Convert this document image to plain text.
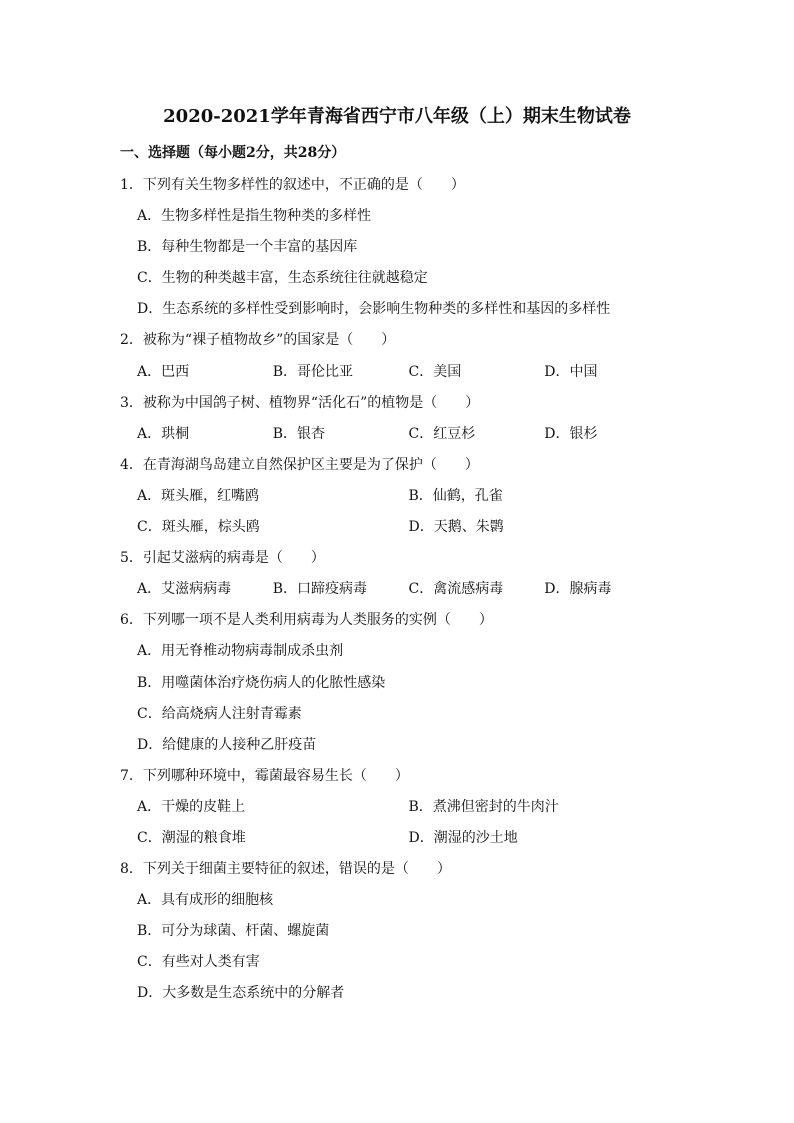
2020-2021学年青海省西宁市八年级（上）期末生物试卷
一、选择题（每小题2分，共28分）
1．下列有关生物多样性的叙述中，不正确的是（　　）
A．生物多样性是指生物种类的多样性
B．每种生物都是一个丰富的基因库
C．生物的种类越丰富，生态系统往往就越稳定
D．生态系统的多样性受到影响时，会影响生物种类的多样性和基因的多样性
2．被称为“裸子植物故乡”的国家是（　　）
A．巴西	B．哥伦比亚	C．美国	D．中国
3．被称为中国鸽子树、植物界“活化石”的植物是（　　）
A．珙桐	B．银杏	C．红豆杉	D．银杉
4．在青海湖鸟岛建立自然保护区主要是为了保护（　　）
A．斑头雁，红嘴鸥	B．仙鹤，孔雀
C．斑头雁，棕头鸥	D．天鹅、朱鹮
5．引起艾滋病的病毒是（　　）
A．艾滋病病毒	B．口蹄疫病毒	C．禽流感病毒	D．腺病毒
6．下列哪一项不是人类利用病毒为人类服务的实例（　　）
A．用无脊椎动物病毒制成杀虫剂
B．用噬菌体治疗烧伤病人的化脓性感染
C．给高烧病人注射青霉素
D．给健康的人接种乙肝疫苗
7．下列哪种环境中，霉菌最容易生长（　　）
A．干燥的皮鞋上	B．煮沸但密封的牛肉汁
C．潮湿的粮食堆	D．潮湿的沙土地
8．下列关于细菌主要特征的叙述，错误的是（　　）
A．具有成形的细胞核
B．可分为球菌、杆菌、螺旋菌
C．有些对人类有害
D．大多数是生态系统中的分解者
